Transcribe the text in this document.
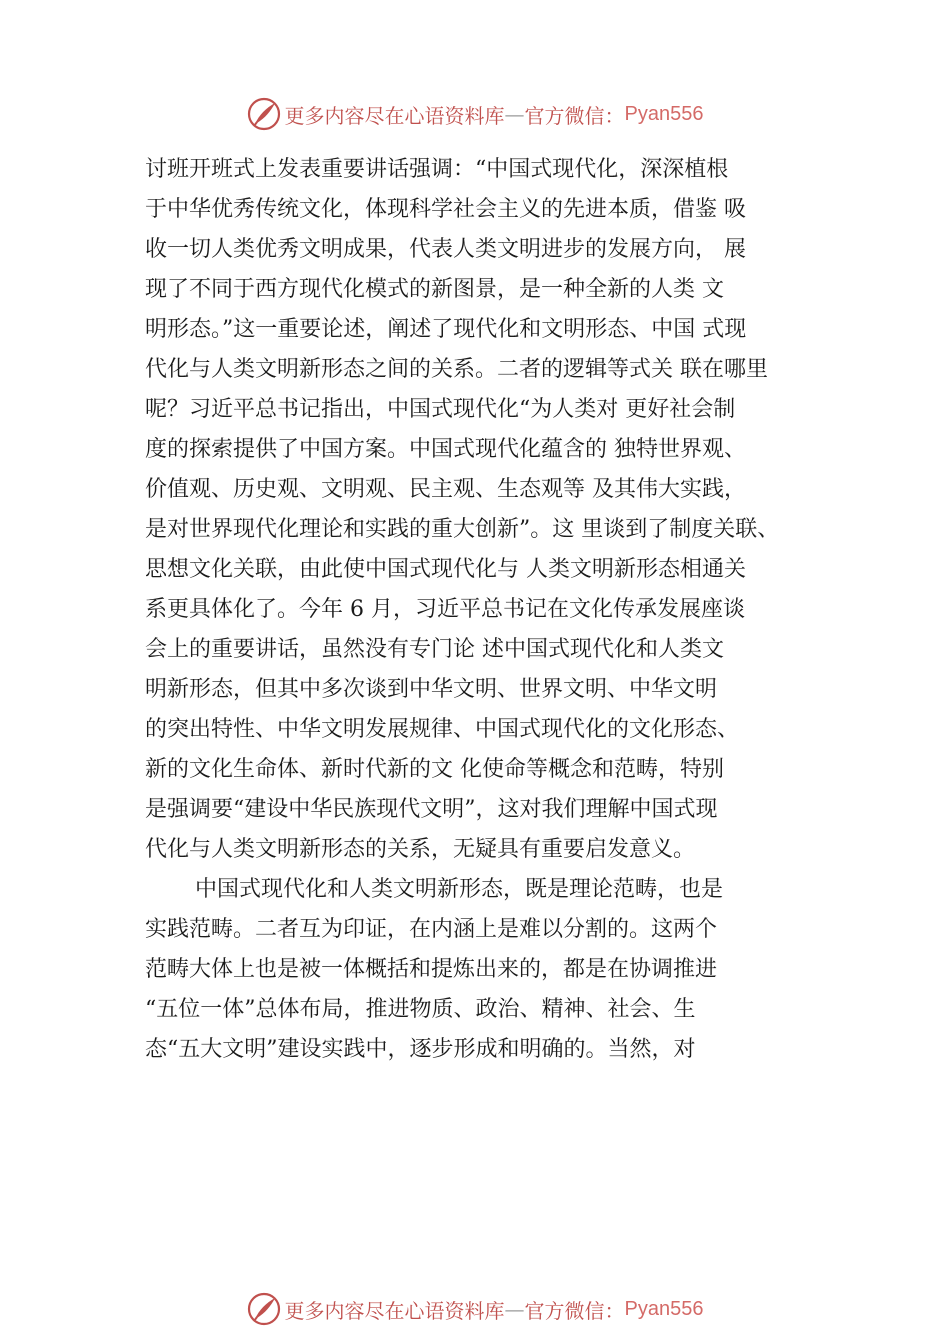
更多内容尽在心语资料库 — 官方微信： Pyan556
讨班开班式上发表重要讲话强调：“中国式现代化，深深植根
于中华优秀传统文化，体现科学社会主义的先进本质，借鉴 吸
收一切人类优秀文明成果，代表人类文明进步的发展方向， 展
现了不同于西方现代化模式的新图景，是一种全新的人类 文
明形态。”这一重要论述，阐述了现代化和文明形态、中国 式现
代化与人类文明新形态之间的关系。二者的逻辑等式关 联在哪里
呢？习近平总书记指出，中国式现代化“为人类对 更好社会制
度的探索提供了中国方案。中国式现代化蕴含的 独特世界观、
价值观、历史观、文明观、民主观、生态观等 及其伟大实践，
是对世界现代化理论和实践的重大创新”。这 里谈到了制度关联、
思想文化关联，由此使中国式现代化与 人类文明新形态相通关
系更具体化了。今年 6 月，习近平总书记在文化传承发展座谈
会上的重要讲话，虽然没有专门论 述中国式现代化和人类文
明新形态，但其中多次谈到中华文明、世界文明、中华文明
的突出特性、中华文明发展规律、中国式现代化的文化形态、
新的文化生命体、新时代新的文 化使命等概念和范畴，特别
是强调要“建设中华民族现代文明”，这对我们理解中国式现
代化与人类文明新形态的关系，无疑具有重要启发意义。
中国式现代化和人类文明新形态，既是理论范畴，也是
实践范畴。二者互为印证，在内涵上是难以分割的。这两个
范畴大体上也是被一体概括和提炼出来的，都是在协调推进
“五位一体”总体布局，推进物质、政治、精神、社会、生
态“五大文明”建设实践中，逐步形成和明确的。当然，对
更多内容尽在心语资料库 — 官方微信： Pyan556
